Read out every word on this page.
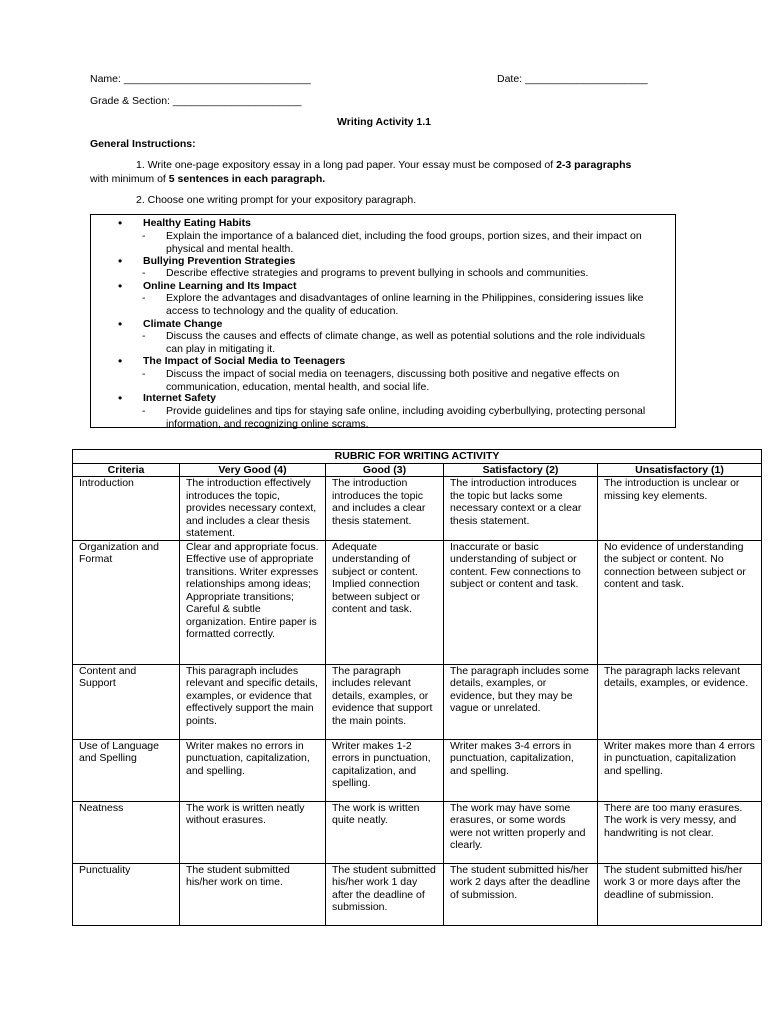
Name: ________________________________	Date: _____________________
Grade & Section: ______________________
Writing Activity 1.1
General Instructions:
1. Write one-page expository essay in a long pad paper. Your essay must be composed of 2-3 paragraphs
with minimum of 5 sentences in each paragraph.
2. Choose one writing prompt for your expository paragraph.
• Healthy Eating Habits
- Explain the importance of a balanced diet, including the food groups, portion sizes, and their impact on physical and mental health.
• Bullying Prevention Strategies
- Describe effective strategies and programs to prevent bullying in schools and communities.
• Online Learning and Its Impact
- Explore the advantages and disadvantages of online learning in the Philippines, considering issues like access to technology and the quality of education.
• Climate Change
- Discuss the causes and effects of climate change, as well as potential solutions and the role individuals can play in mitigating it.
• The Impact of Social Media to Teenagers
- Discuss the impact of social media on teenagers, discussing both positive and negative effects on communication, education, mental health, and social life.
• Internet Safety
- Provide guidelines and tips for staying safe online, including avoiding cyberbullying, protecting personal information, and recognizing online scrams.
RUBRIC FOR WRITING ACTIVITY				
Criteria	Very Good (4)	Good (3)	Satisfactory (2)	Unsatisfactory (1)
Introduction	The introduction effectively introduces the topic, provides necessary context, and includes a clear thesis statement.	The introduction introduces the topic and includes a clear thesis statement.	The introduction introduces the topic but lacks some necessary context or a clear thesis statement.	The introduction is unclear or missing key elements.
Organization and Format	Clear and appropriate focus. Effective use of appropriate transitions. Writer expresses relationships among ideas; Appropriate transitions; Careful & subtle organization. Entire paper is formatted correctly.	Adequate understanding of subject or content. Implied connection between subject or content and task.	Inaccurate or basic understanding of subject or content. Few connections to subject or content and task.	No evidence of understanding the subject or content. No connection between subject or content and task.
Content and Support	This paragraph includes relevant and specific details, examples, or evidence that effectively support the main points.	The paragraph includes relevant details, examples, or evidence that support the main points.	The paragraph includes some details, examples, or evidence, but they may be vague or unrelated.	The paragraph lacks relevant details, examples, or evidence.
Use of Language and Spelling	Writer makes no errors in punctuation, capitalization, and spelling.	Writer makes 1-2 errors in punctuation, capitalization, and spelling.	Writer makes 3-4 errors in punctuation, capitalization, and spelling.	Writer makes more than 4 errors in punctuation, capitalization and spelling.
Neatness	The work is written neatly without erasures.	The work is written quite neatly.	The work may have some erasures, or some words were not written properly and clearly.	There are too many erasures. The work is very messy, and handwriting is not clear.
Punctuality	The student submitted his/her work on time.	The student submitted his/her work 1 day after the deadline of submission.	The student submitted his/her work 2 days after the deadline of submission.	The student submitted his/her work 3 or more days after the deadline of submission.
